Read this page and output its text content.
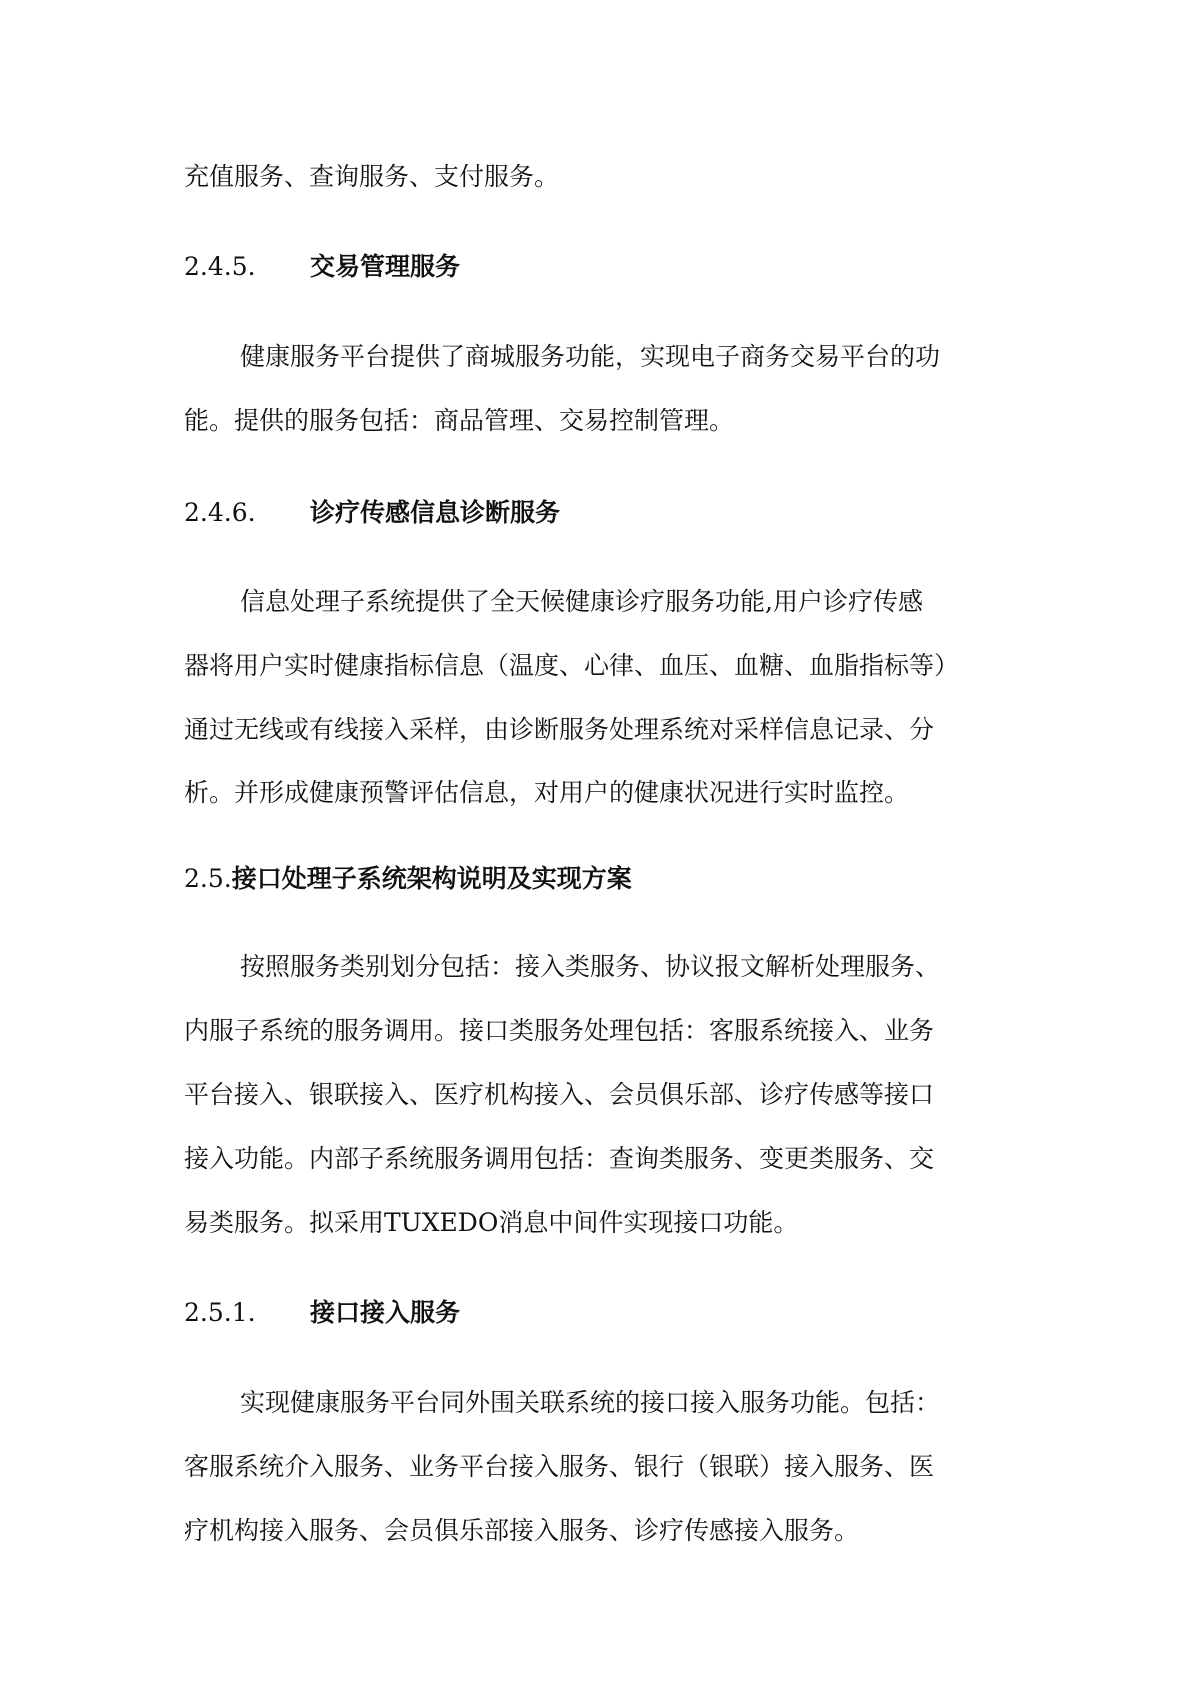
充值服务、查询服务、支付服务。
2.4.5. 交易管理服务
健康服务平台提供了商城服务功能，实现电子商务交易平台的功
能。提供的服务包括：商品管理、交易控制管理。
2.4.6. 诊疗传感信息诊断服务
信息处理子系统提供了全天候健康诊疗服务功能,用户诊疗传感
器将用户实时健康指标信息（温度、心律、血压、血糖、血脂指标等）
通过无线或有线接入采样，由诊断服务处理系统对采样信息记录、分
析。并形成健康预警评估信息，对用户的健康状况进行实时监控。
2.5.接口处理子系统架构说明及实现方案
按照服务类别划分包括：接入类服务、协议报文解析处理服务、
内服子系统的服务调用。接口类服务处理包括：客服系统接入、业务
平台接入、银联接入、医疗机构接入、会员俱乐部、诊疗传感等接口
接入功能。内部子系统服务调用包括：查询类服务、变更类服务、交
易类服务。拟采用TUXEDO消息中间件实现接口功能。
2.5.1. 接口接入服务
实现健康服务平台同外围关联系统的接口接入服务功能。包括：
客服系统介入服务、业务平台接入服务、银行（银联）接入服务、医
疗机构接入服务、会员俱乐部接入服务、诊疗传感接入服务。
